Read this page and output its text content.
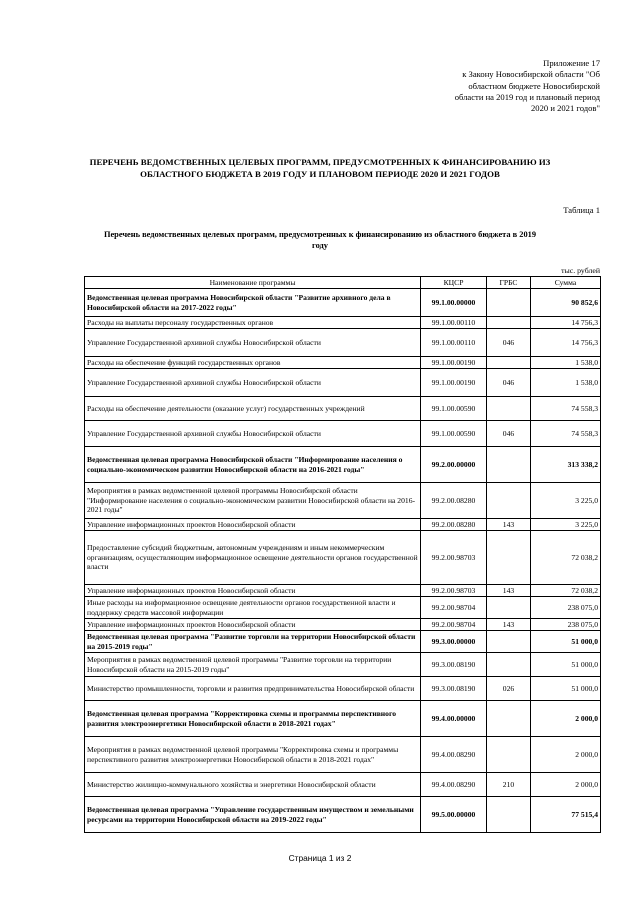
Приложение 17
к Закону Новосибирской области "Об
областном бюджете Новосибирской
области на 2019 год и плановый период
2020 и 2021 годов"
ПЕРЕЧЕНЬ ВЕДОМСТВЕННЫХ ЦЕЛЕВЫХ ПРОГРАММ, ПРЕДУСМОТРЕННЫХ К ФИНАНСИРОВАНИЮ ИЗ
ОБЛАСТНОГО БЮДЖЕТА В 2019 ГОДУ И ПЛАНОВОМ ПЕРИОДЕ 2020 И 2021 ГОДОВ
Таблица 1
Перечень ведомственных целевых программ, предусмотренных к финансированию из областного бюджета в 2019
году
тыс. рублей
Наименование программы	КЦСР	ГРБС	Сумма
Ведомственная целевая программа Новосибирской области "Развитие архивного дела в Новосибирской области на 2017-2022 годы"	99.1.00.00000		90 852,6
Расходы на выплаты персоналу государственных органов	99.1.00.00110		14 756,3
Управление Государственной архивной службы Новосибирской области	99.1.00.00110	046	14 756,3
Расходы на обеспечение функций государственных органов	99.1.00.00190		1 538,0
Управление Государственной архивной службы Новосибирской области	99.1.00.00190	046	1 538,0
Расходы на обеспечение деятельности (оказание услуг) государственных учреждений	99.1.00.00590		74 558,3
Управление Государственной архивной службы Новосибирской области	99.1.00.00590	046	74 558,3
Ведомственная целевая программа Новосибирской области "Информирование населения о социально-экономическом развитии Новосибирской области на 2016-2021 годы"	99.2.00.00000		313 338,2
Мероприятия в рамках ведомственной целевой программы Новосибирской области "Информирование населения о социально-экономическом развитии Новосибирской области на 2016-2021 годы"	99.2.00.08280		3 225,0
Управление информационных проектов Новосибирской области	99.2.00.08280	143	3 225,0
Предоставление субсидий бюджетным, автономным учреждениям и иным некоммерческим организациям, осуществляющим информационное освещение деятельности органов государственной власти	99.2.00.98703		72 038,2
Управление информационных проектов Новосибирской области	99.2.00.98703	143	72 038,2
Иные расходы на информационное освещение деятельности органов государственной власти и поддержку средств массовой информации	99.2.00.98704		238 075,0
Управление информационных проектов Новосибирской области	99.2.00.98704	143	238 075,0
Ведомственная целевая программа "Развитие торговли на территории Новосибирской области на 2015-2019 годы"	99.3.00.00000		51 000,0
Мероприятия в рамках ведомственной целевой программы "Развитие торговли на территории Новосибирской области на 2015-2019 годы"	99.3.00.08190		51 000,0
Министерство промышленности, торговли и развития предпринимательства Новосибирской области	99.3.00.08190	026	51 000,0
Ведомственная целевая программа "Корректировка схемы и программы перспективного развития электроэнергетики Новосибирской области в 2018-2021 годах"	99.4.00.00000		2 000,0
Мероприятия в рамках ведомственной целевой программы "Корректировка схемы и программы перспективного развития электроэнергетики Новосибирской области в 2018-2021 годах"	99.4.00.08290		2 000,0
Министерство жилищно-коммунального хозяйства и энергетики Новосибирской области	99.4.00.08290	210	2 000,0
Ведомственная целевая программа "Управление государственным имуществом и земельными ресурсами на территории Новосибирской области на 2019-2022 годы"	99.5.00.00000		77 515,4
Страница 1 из 2
